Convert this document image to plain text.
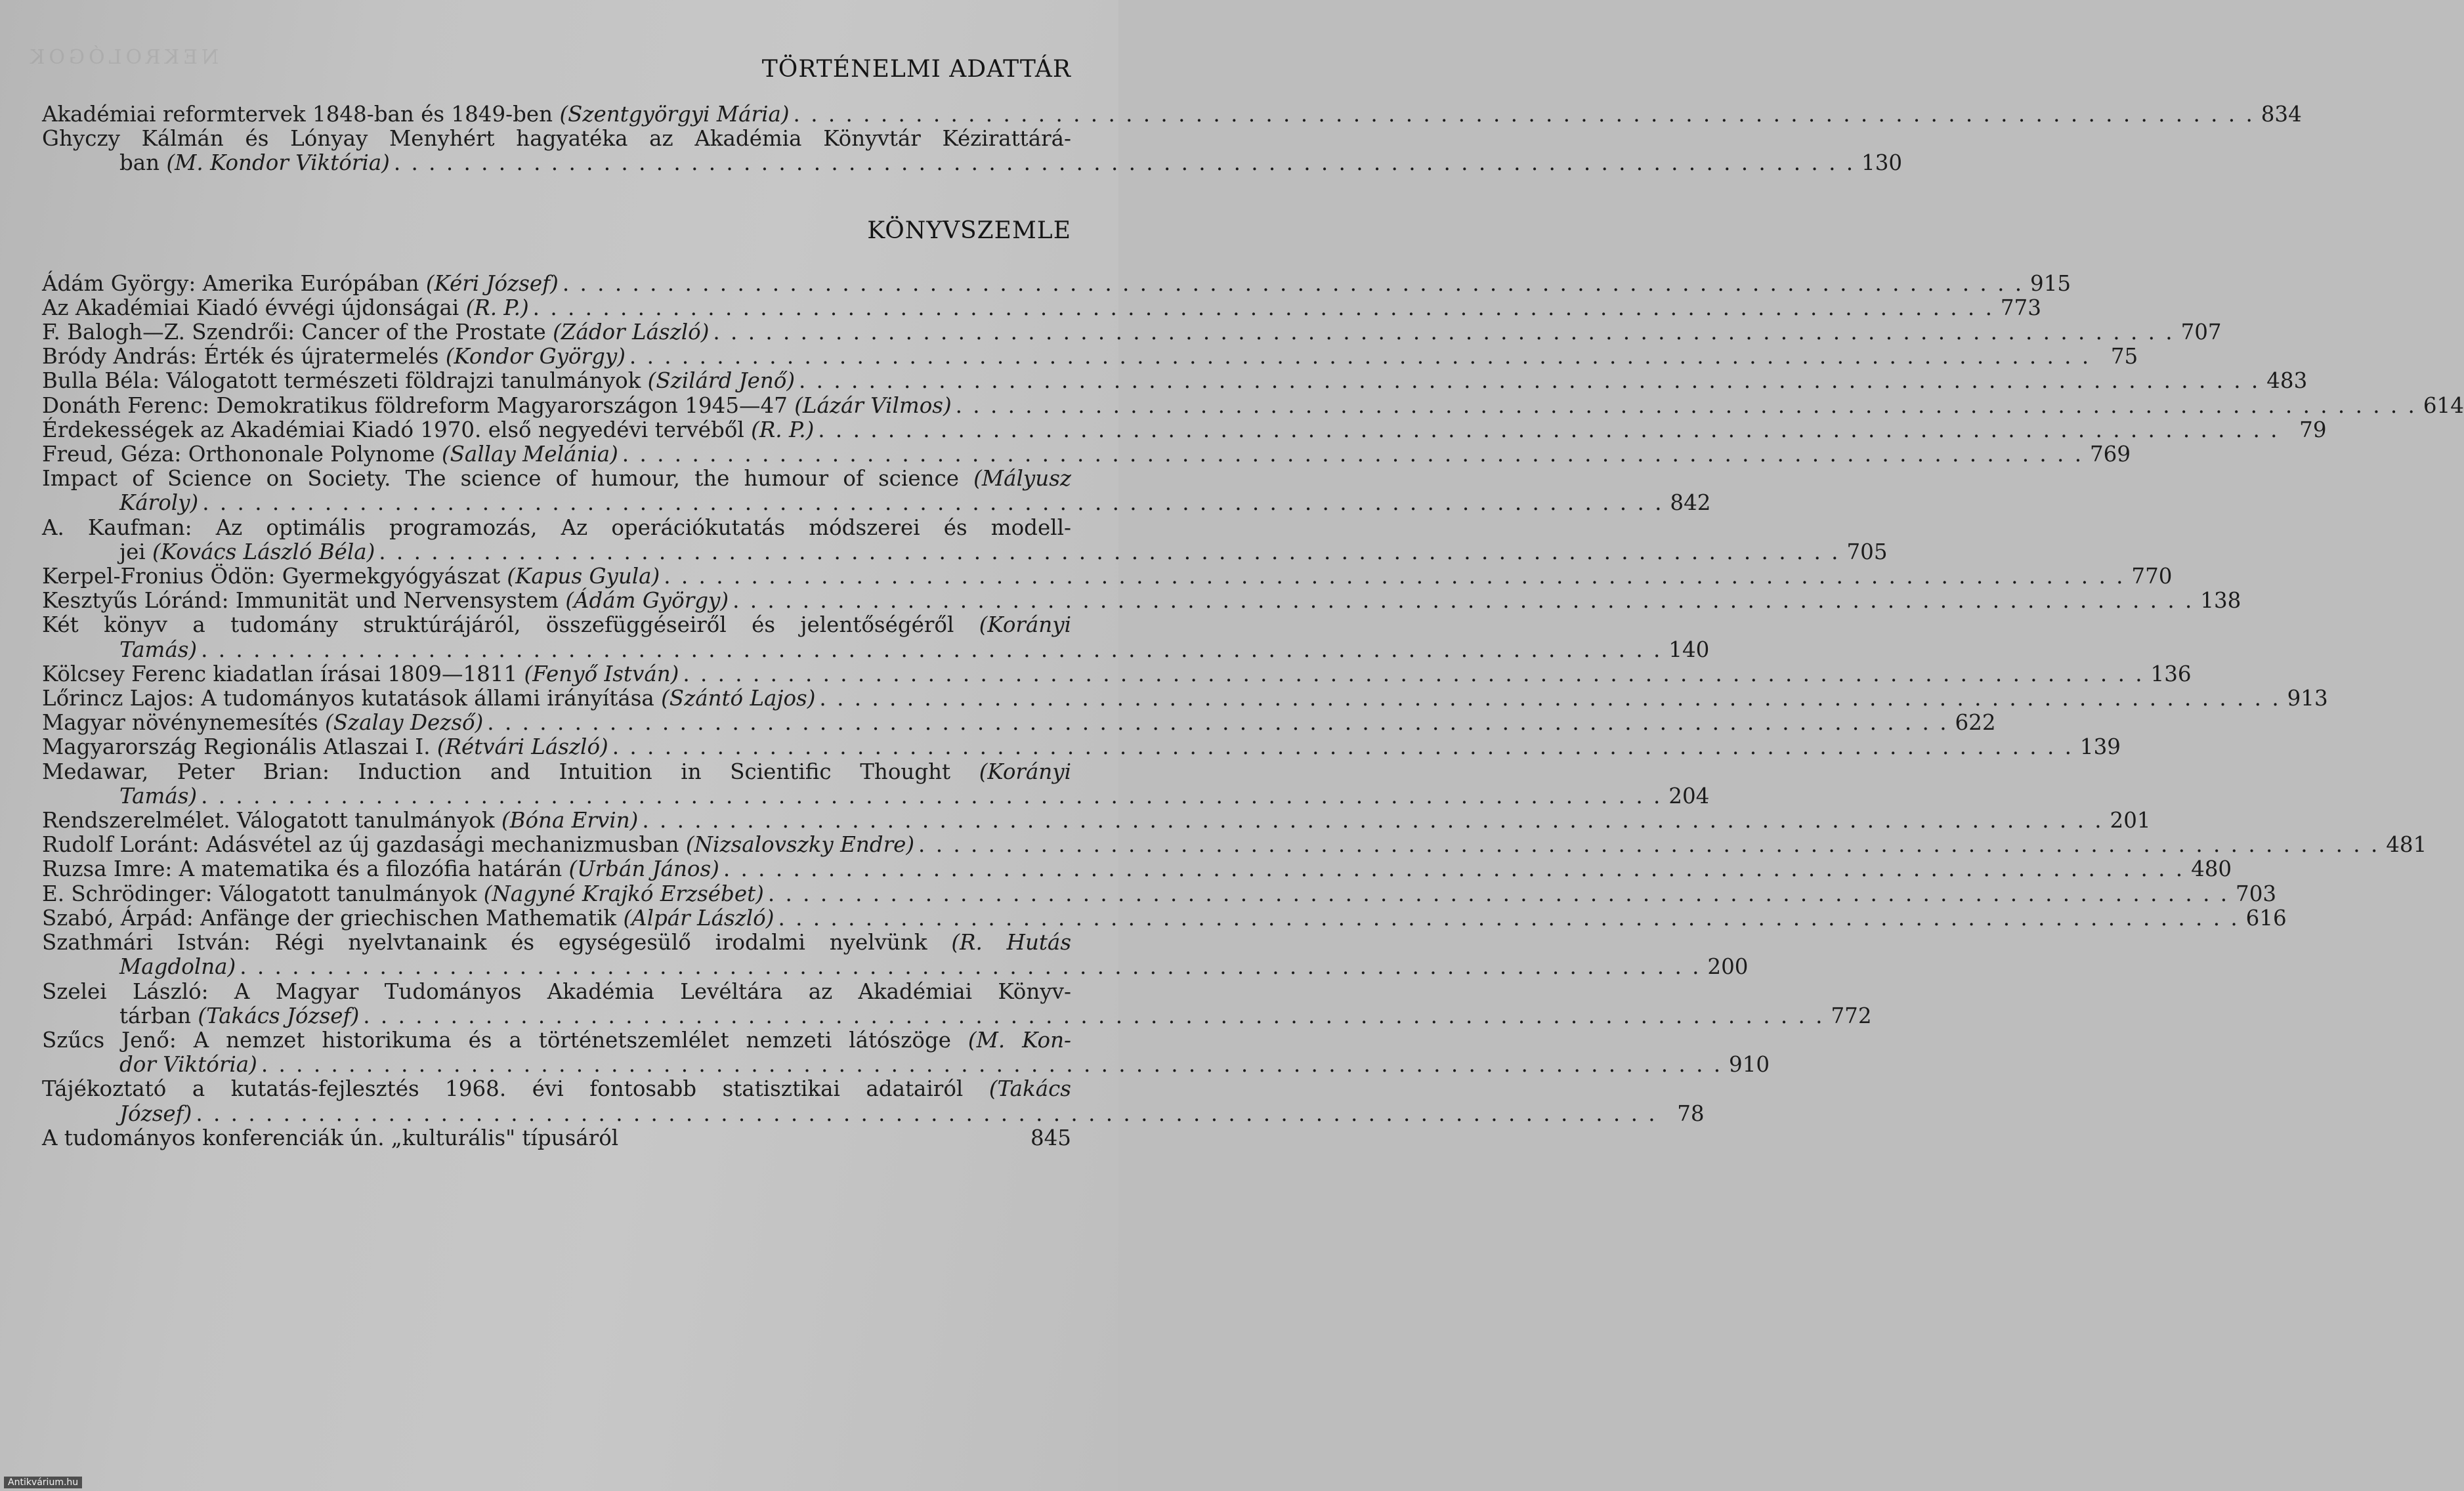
NEKROLÓGOK	TÖRTÉNELMI ADATTÁR
Akadémiai reformtervek 1848-ban és 1849-ben (Szentgyörgyi Mária) . . . . . . . . . . . . . . . . . . . . . . . . . . . . . . . . . . . . . . . . . . . . . . . . . . . . . . . . . . . . . . . . . . . . . . . . . . . . . . . . . . . . 834
Ghyczy Kálmán és Lónyay Menyhért hagyatéka az Akadémia Könyvtár Kézirattárá-
ban (M. Kondor Viktória) . . . . . . . . . . . . . . . . . . . . . . . . . . . . . . . . . . . . . . . . . . . . . . . . . . . . . . . . . . . . . . . . . . . . . . . . . . . . . . . . . . . . 130
KÖNYVSZEMLE
Ádám György: Amerika Európában (Kéri József) . . . . . . . . . . . . . . . . . . . . . . . . . . . . . . . . . . . . . . . . . . . . . . . . . . . . . . . . . . . . . . . . . . . . . . . . . . . . . . . . . . . . 915
Az Akadémiai Kiadó évvégi újdonságai (R. P.) . . . . . . . . . . . . . . . . . . . . . . . . . . . . . . . . . . . . . . . . . . . . . . . . . . . . . . . . . . . . . . . . . . . . . . . . . . . . . . . . . . . . 773
F. Balogh—Z. Szendrői: Cancer of the Prostate (Zádor László) . . . . . . . . . . . . . . . . . . . . . . . . . . . . . . . . . . . . . . . . . . . . . . . . . . . . . . . . . . . . . . . . . . . . . . . . . . . . . . . . . . . . 707
Bródy András: Érték és újratermelés (Kondor György) . . . . . . . . . . . . . . . . . . . . . . . . . . . . . . . . . . . . . . . . . . . . . . . . . . . . . . . . . . . . . . . . . . . . . . . . . . . . . . . . . . . . 75
Bulla Béla: Válogatott természeti földrajzi tanulmányok (Szilárd Jenő) . . . . . . . . . . . . . . . . . . . . . . . . . . . . . . . . . . . . . . . . . . . . . . . . . . . . . . . . . . . . . . . . . . . . . . . . . . . . . . . . . . . . 483
Donáth Ferenc: Demokratikus földreform Magyarországon 1945—47 (Lázár Vilmos) . . . . . . . . . . . . . . . . . . . . . . . . . . . . . . . . . . . . . . . . . . . . . . . . . . . . . . . . . . . . . . . . . . . . . . . . . . . . . . . . . . . . 614
Érdekességek az Akadémiai Kiadó 1970. első negyedévi tervéből (R. P.) . . . . . . . . . . . . . . . . . . . . . . . . . . . . . . . . . . . . . . . . . . . . . . . . . . . . . . . . . . . . . . . . . . . . . . . . . . . . . . . . . . . . 79
Freud, Géza: Orthononale Polynome (Sallay Melánia) . . . . . . . . . . . . . . . . . . . . . . . . . . . . . . . . . . . . . . . . . . . . . . . . . . . . . . . . . . . . . . . . . . . . . . . . . . . . . . . . . . . . 769
Impact of Science on Society. The science of humour, the humour of science (Mályusz
Károly) . . . . . . . . . . . . . . . . . . . . . . . . . . . . . . . . . . . . . . . . . . . . . . . . . . . . . . . . . . . . . . . . . . . . . . . . . . . . . . . . . . . . 842
A. Kaufman: Az optimális programozás, Az operációkutatás módszerei és modell-
jei (Kovács László Béla) . . . . . . . . . . . . . . . . . . . . . . . . . . . . . . . . . . . . . . . . . . . . . . . . . . . . . . . . . . . . . . . . . . . . . . . . . . . . . . . . . . . . 705
Kerpel-Fronius Ödön: Gyermekgyógyászat (Kapus Gyula) . . . . . . . . . . . . . . . . . . . . . . . . . . . . . . . . . . . . . . . . . . . . . . . . . . . . . . . . . . . . . . . . . . . . . . . . . . . . . . . . . . . . 770
Kesztyűs Lóránd: Immunität und Nervensystem (Ádám György) . . . . . . . . . . . . . . . . . . . . . . . . . . . . . . . . . . . . . . . . . . . . . . . . . . . . . . . . . . . . . . . . . . . . . . . . . . . . . . . . . . . . 138
Két könyv a tudomány struktúrájáról, összefüggéseiről és jelentőségéről (Korányi
Tamás) . . . . . . . . . . . . . . . . . . . . . . . . . . . . . . . . . . . . . . . . . . . . . . . . . . . . . . . . . . . . . . . . . . . . . . . . . . . . . . . . . . . . 140
Kölcsey Ferenc kiadatlan írásai 1809—1811 (Fenyő István) . . . . . . . . . . . . . . . . . . . . . . . . . . . . . . . . . . . . . . . . . . . . . . . . . . . . . . . . . . . . . . . . . . . . . . . . . . . . . . . . . . . . 136
Lőrincz Lajos: A tudományos kutatások állami irányítása (Szántó Lajos) . . . . . . . . . . . . . . . . . . . . . . . . . . . . . . . . . . . . . . . . . . . . . . . . . . . . . . . . . . . . . . . . . . . . . . . . . . . . . . . . . . . . 913
Magyar növénynemesítés (Szalay Dezső) . . . . . . . . . . . . . . . . . . . . . . . . . . . . . . . . . . . . . . . . . . . . . . . . . . . . . . . . . . . . . . . . . . . . . . . . . . . . . . . . . . . . 622
Magyarország Regionális Atlaszai I. (Rétvári László) . . . . . . . . . . . . . . . . . . . . . . . . . . . . . . . . . . . . . . . . . . . . . . . . . . . . . . . . . . . . . . . . . . . . . . . . . . . . . . . . . . . . 139
Medawar, Peter Brian: Induction and Intuition in Scientific Thought (Korányi
Tamás) . . . . . . . . . . . . . . . . . . . . . . . . . . . . . . . . . . . . . . . . . . . . . . . . . . . . . . . . . . . . . . . . . . . . . . . . . . . . . . . . . . . . 204
Rendszerelmélet. Válogatott tanulmányok (Bóna Ervin) . . . . . . . . . . . . . . . . . . . . . . . . . . . . . . . . . . . . . . . . . . . . . . . . . . . . . . . . . . . . . . . . . . . . . . . . . . . . . . . . . . . . 201
Rudolf Loránt: Adásvétel az új gazdasági mechanizmusban (Nizsalovszky Endre) . . . . . . . . . . . . . . . . . . . . . . . . . . . . . . . . . . . . . . . . . . . . . . . . . . . . . . . . . . . . . . . . . . . . . . . . . . . . . . . . . . . . 481
Ruzsa Imre: A matematika és a filozófia határán (Urbán János) . . . . . . . . . . . . . . . . . . . . . . . . . . . . . . . . . . . . . . . . . . . . . . . . . . . . . . . . . . . . . . . . . . . . . . . . . . . . . . . . . . . . 480
E. Schrödinger: Válogatott tanulmányok (Nagyné Krajkó Erzsébet) . . . . . . . . . . . . . . . . . . . . . . . . . . . . . . . . . . . . . . . . . . . . . . . . . . . . . . . . . . . . . . . . . . . . . . . . . . . . . . . . . . . . 703
Szabó, Árpád: Anfänge der griechischen Mathematik (Alpár László) . . . . . . . . . . . . . . . . . . . . . . . . . . . . . . . . . . . . . . . . . . . . . . . . . . . . . . . . . . . . . . . . . . . . . . . . . . . . . . . . . . . . 616
Szathmári István: Régi nyelvtanaink és egységesülő irodalmi nyelvünk (R. Hutás
Magdolna) . . . . . . . . . . . . . . . . . . . . . . . . . . . . . . . . . . . . . . . . . . . . . . . . . . . . . . . . . . . . . . . . . . . . . . . . . . . . . . . . . . . . 200
Szelei László: A Magyar Tudományos Akadémia Levéltára az Akadémiai Könyv-
tárban (Takács József) . . . . . . . . . . . . . . . . . . . . . . . . . . . . . . . . . . . . . . . . . . . . . . . . . . . . . . . . . . . . . . . . . . . . . . . . . . . . . . . . . . . . 772
Szűcs Jenő: A nemzet historikuma és a történetszemlélet nemzeti látószöge (M. Kon-
dor Viktória) . . . . . . . . . . . . . . . . . . . . . . . . . . . . . . . . . . . . . . . . . . . . . . . . . . . . . . . . . . . . . . . . . . . . . . . . . . . . . . . . . . . . 910
Tájékoztató a kutatás-fejlesztés 1968. évi fontosabb statisztikai adatairól (Takács
József) . . . . . . . . . . . . . . . . . . . . . . . . . . . . . . . . . . . . . . . . . . . . . . . . . . . . . . . . . . . . . . . . . . . . . . . . . . . . . . . . . . . . 78
A tudományos konferenciák ún. „kulturális" típusáról	845
Antikvárium.hu
